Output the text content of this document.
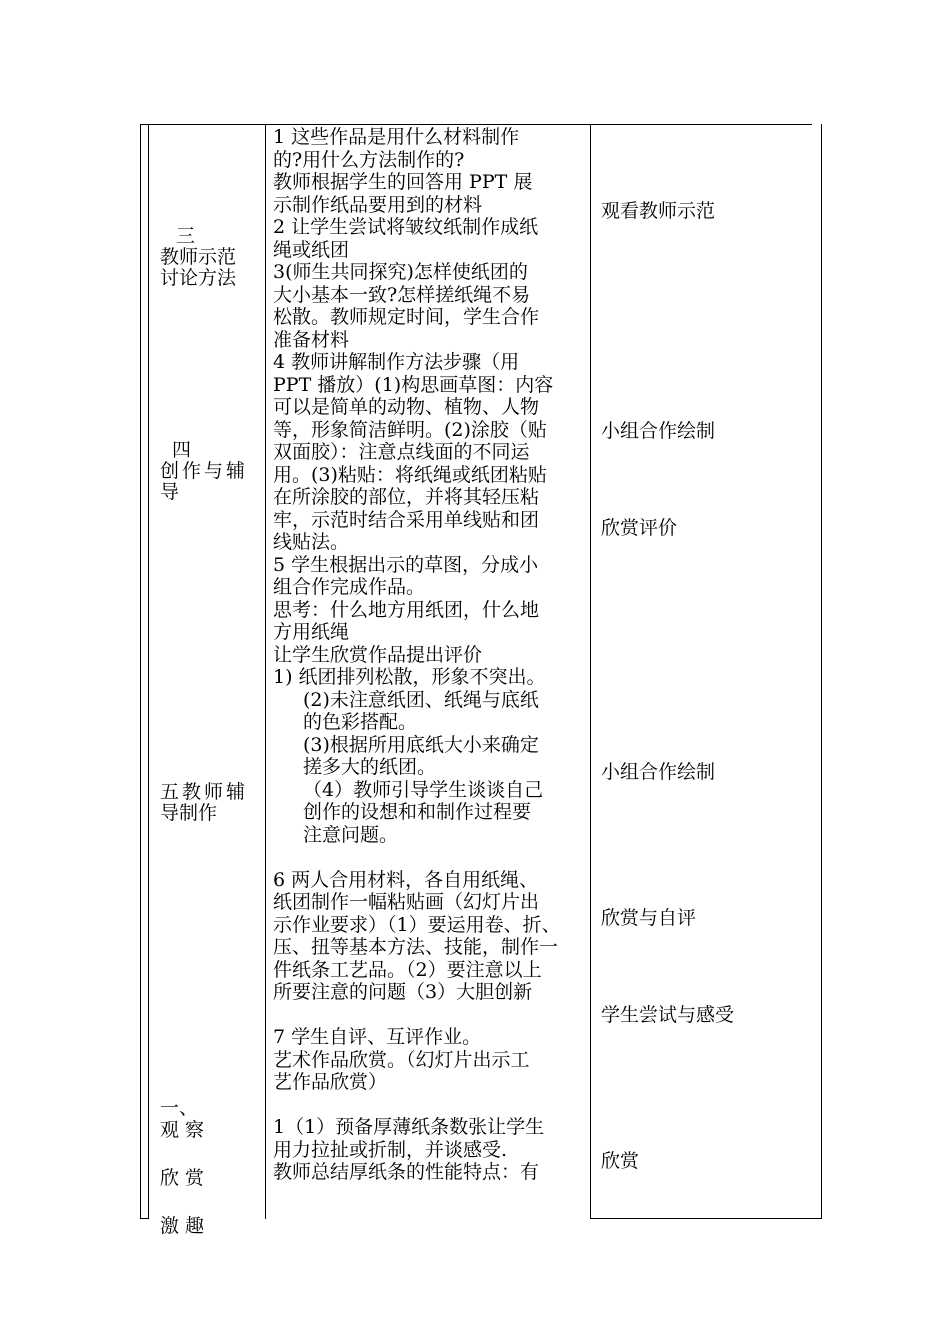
三
教师示范
讨论方法
四
创作与辅
导
五教师辅
导制作
一、
观 察
欣 赏
激 趣
1 这些作品是用什么材料制作
的?用什么方法制作的?
教师根据学生的回答用 PPT 展
示制作纸品要用到的材料
2 让学生尝试将皱纹纸制作成纸
绳或纸团
3(师生共同探究)怎样使纸团的
大小基本一致?怎样搓纸绳不易
松散。教师规定时间，学生合作
准备材料
4 教师讲解制作方法步骤（用
PPT 播放）(1)构思画草图：内容
可以是简单的动物、植物、人物
等，形象简洁鲜明。(2)涂胶（贴
双面胶）：注意点线面的不同运
用。(3)粘贴：将纸绳或纸团粘贴
在所涂胶的部位，并将其轻压粘
牢，示范时结合采用单线贴和团
线贴法。
5 学生根据出示的草图，分成小
组合作完成作品。
思考：什么地方用纸团，什么地
方用纸绳
让学生欣赏作品提出评价
1) 纸团排列松散，形象不突出。
(2)未注意纸团、纸绳与底纸
的色彩搭配。
(3)根据所用底纸大小来确定
搓多大的纸团。
（4）教师引导学生谈谈自己
创作的设想和和制作过程要
注意问题。
6 两人合用材料，各自用纸绳、
纸团制作一幅粘贴画（幻灯片出
示作业要求）（1）要运用卷、折、
压、扭等基本方法、技能，制作一
件纸条工艺品。（2）要注意以上
所要注意的问题（3）大胆创新
7 学生自评、互评作业。
艺术作品欣赏。（幻灯片出示工
艺作品欣赏）
1（1）预备厚薄纸条数张让学生
用力拉扯或折制，并谈感受.
教师总结厚纸条的性能特点：有
观看教师示范
小组合作绘制
欣赏评价
小组合作绘制
欣赏与自评
学生尝试与感受
欣赏
